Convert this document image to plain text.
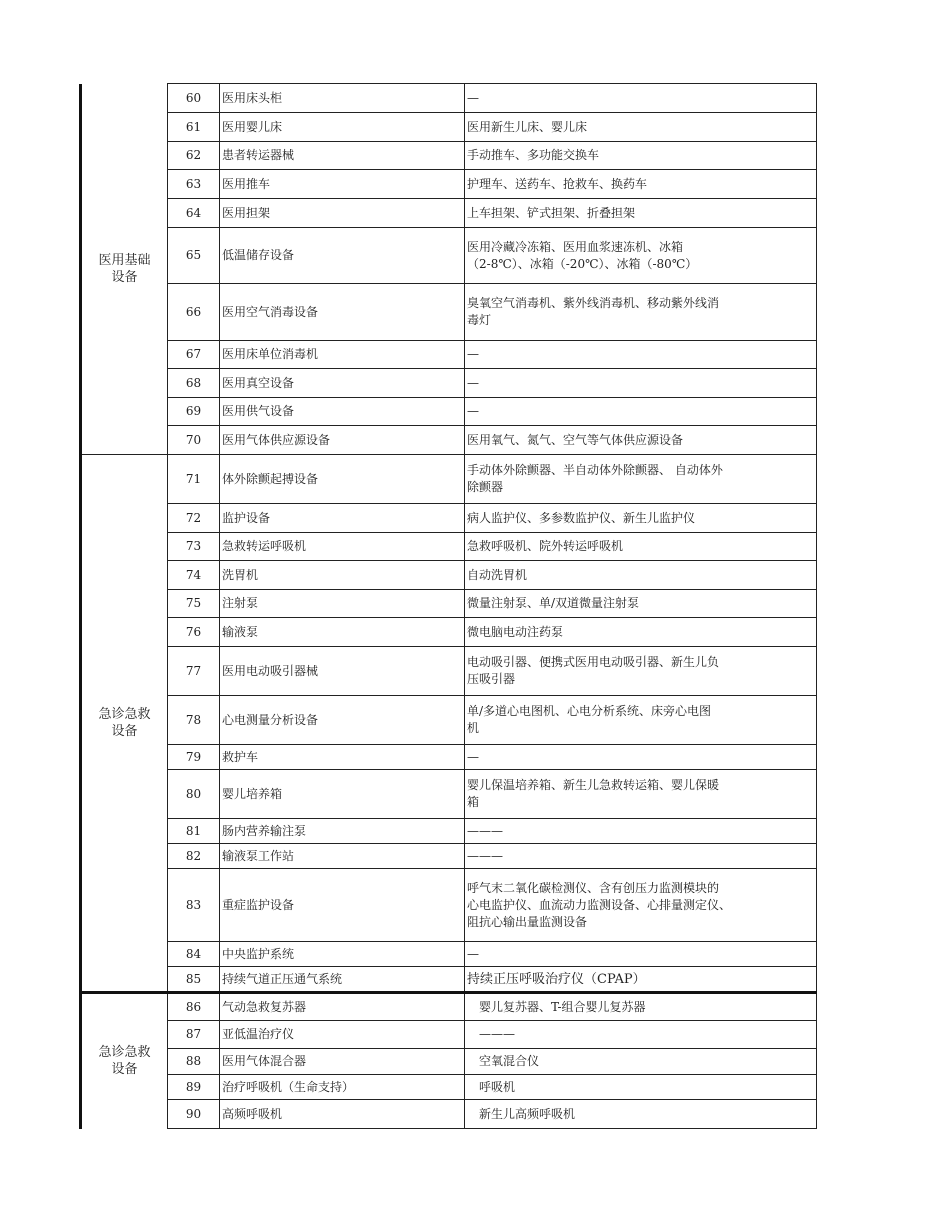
医用基础
设备	60	医用床头柜	—

	61	医用婴儿床	医用新生儿床、婴儿床

	62	患者转运器械	手动推车、多功能交换车

	63	医用推车	护理车、送药车、抢救车、换药车

	64	医用担架	上车担架、铲式担架、折叠担架

	65	低温储存设备	医用冷藏冷冻箱、医用血浆速冻机、冰箱
（2-8℃）、冰箱（-20℃）、冰箱（-80℃）

	66	医用空气消毒设备	臭氧空气消毒机、紫外线消毒机、移动紫外线消
毒灯

	67	医用床单位消毒机	—

	68	医用真空设备	—

	69	医用供气设备	—

	70	医用气体供应源设备	医用氧气、氮气、空气等气体供应源设备

急诊急救
设备	71	体外除颤起搏设备	手动体外除颤器、半自动体外除颤器、 自动体外
除颤器

	72	监护设备	病人监护仪、多参数监护仪、新生儿监护仪

	73	急救转运呼吸机	急救呼吸机、院外转运呼吸机

	74	洗胃机	自动洗胃机

	75	注射泵	微量注射泵、单/双道微量注射泵

	76	输液泵	微电脑电动注药泵

	77	医用电动吸引器械	电动吸引器、便携式医用电动吸引器、新生儿负
压吸引器

	78	心电测量分析设备	单/多道心电图机、心电分析系统、床旁心电图
机

	79	救护车	—

	80	婴儿培养箱	婴儿保温培养箱、新生儿急救转运箱、婴儿保暖
箱

	81	肠内营养输注泵	———

	82	输液泵工作站	———

	83	重症监护设备	呼气末二氧化碳检测仪、含有创压力监测模块的
心电监护仪、血流动力监测设备、心排量测定仪、
阻抗心输出量监测设备

	84	中央监护系统	—

	85	持续气道正压通气系统	持续正压呼吸治疗仪（CPAP）

急诊急救
设备	86	气动急救复苏器	婴儿复苏器、T-组合婴儿复苏器

	87	亚低温治疗仪	———

	88	医用气体混合器	空氧混合仪

	89	治疗呼吸机（生命支持）	呼吸机

	90	高频呼吸机	新生儿高频呼吸机
